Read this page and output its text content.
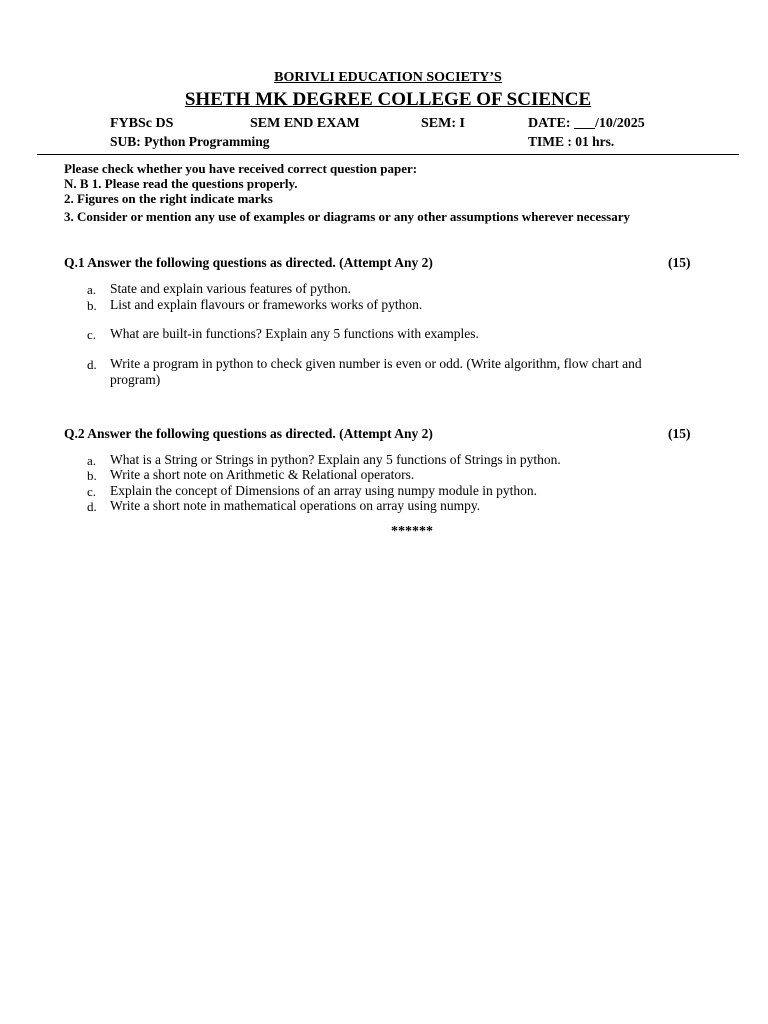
BORIVLI EDUCATION SOCIETY’S
SHETH MK DEGREE COLLEGE OF SCIENCE
FYBSc DS	SEM END EXAM	SEM: I	DATE: ___/10/2025
SUB: Python Programming	TIME : 01 hrs.
Please check whether you have received correct question paper:
N. B 1. Please read the questions properly.
2. Figures on the right indicate marks
3. Consider or mention any use of examples or diagrams or any other assumptions wherever necessary
Q.1 Answer the following questions as directed. (Attempt Any 2)	(15)
a. State and explain various features of python.
b. List and explain flavours or frameworks works of python.
c. What are built-in functions? Explain any 5 functions with examples.
d. Write a program in python to check given number is even or odd. (Write algorithm, flow chart and program)
Q.2 Answer the following questions as directed. (Attempt Any 2)	(15)
a. What is a String or Strings in python? Explain any 5 functions of Strings in python.
b. Write a short note on Arithmetic & Relational operators.
c. Explain the concept of Dimensions of an array using numpy module in python.
d. Write a short note in mathematical operations on array using numpy.
******
